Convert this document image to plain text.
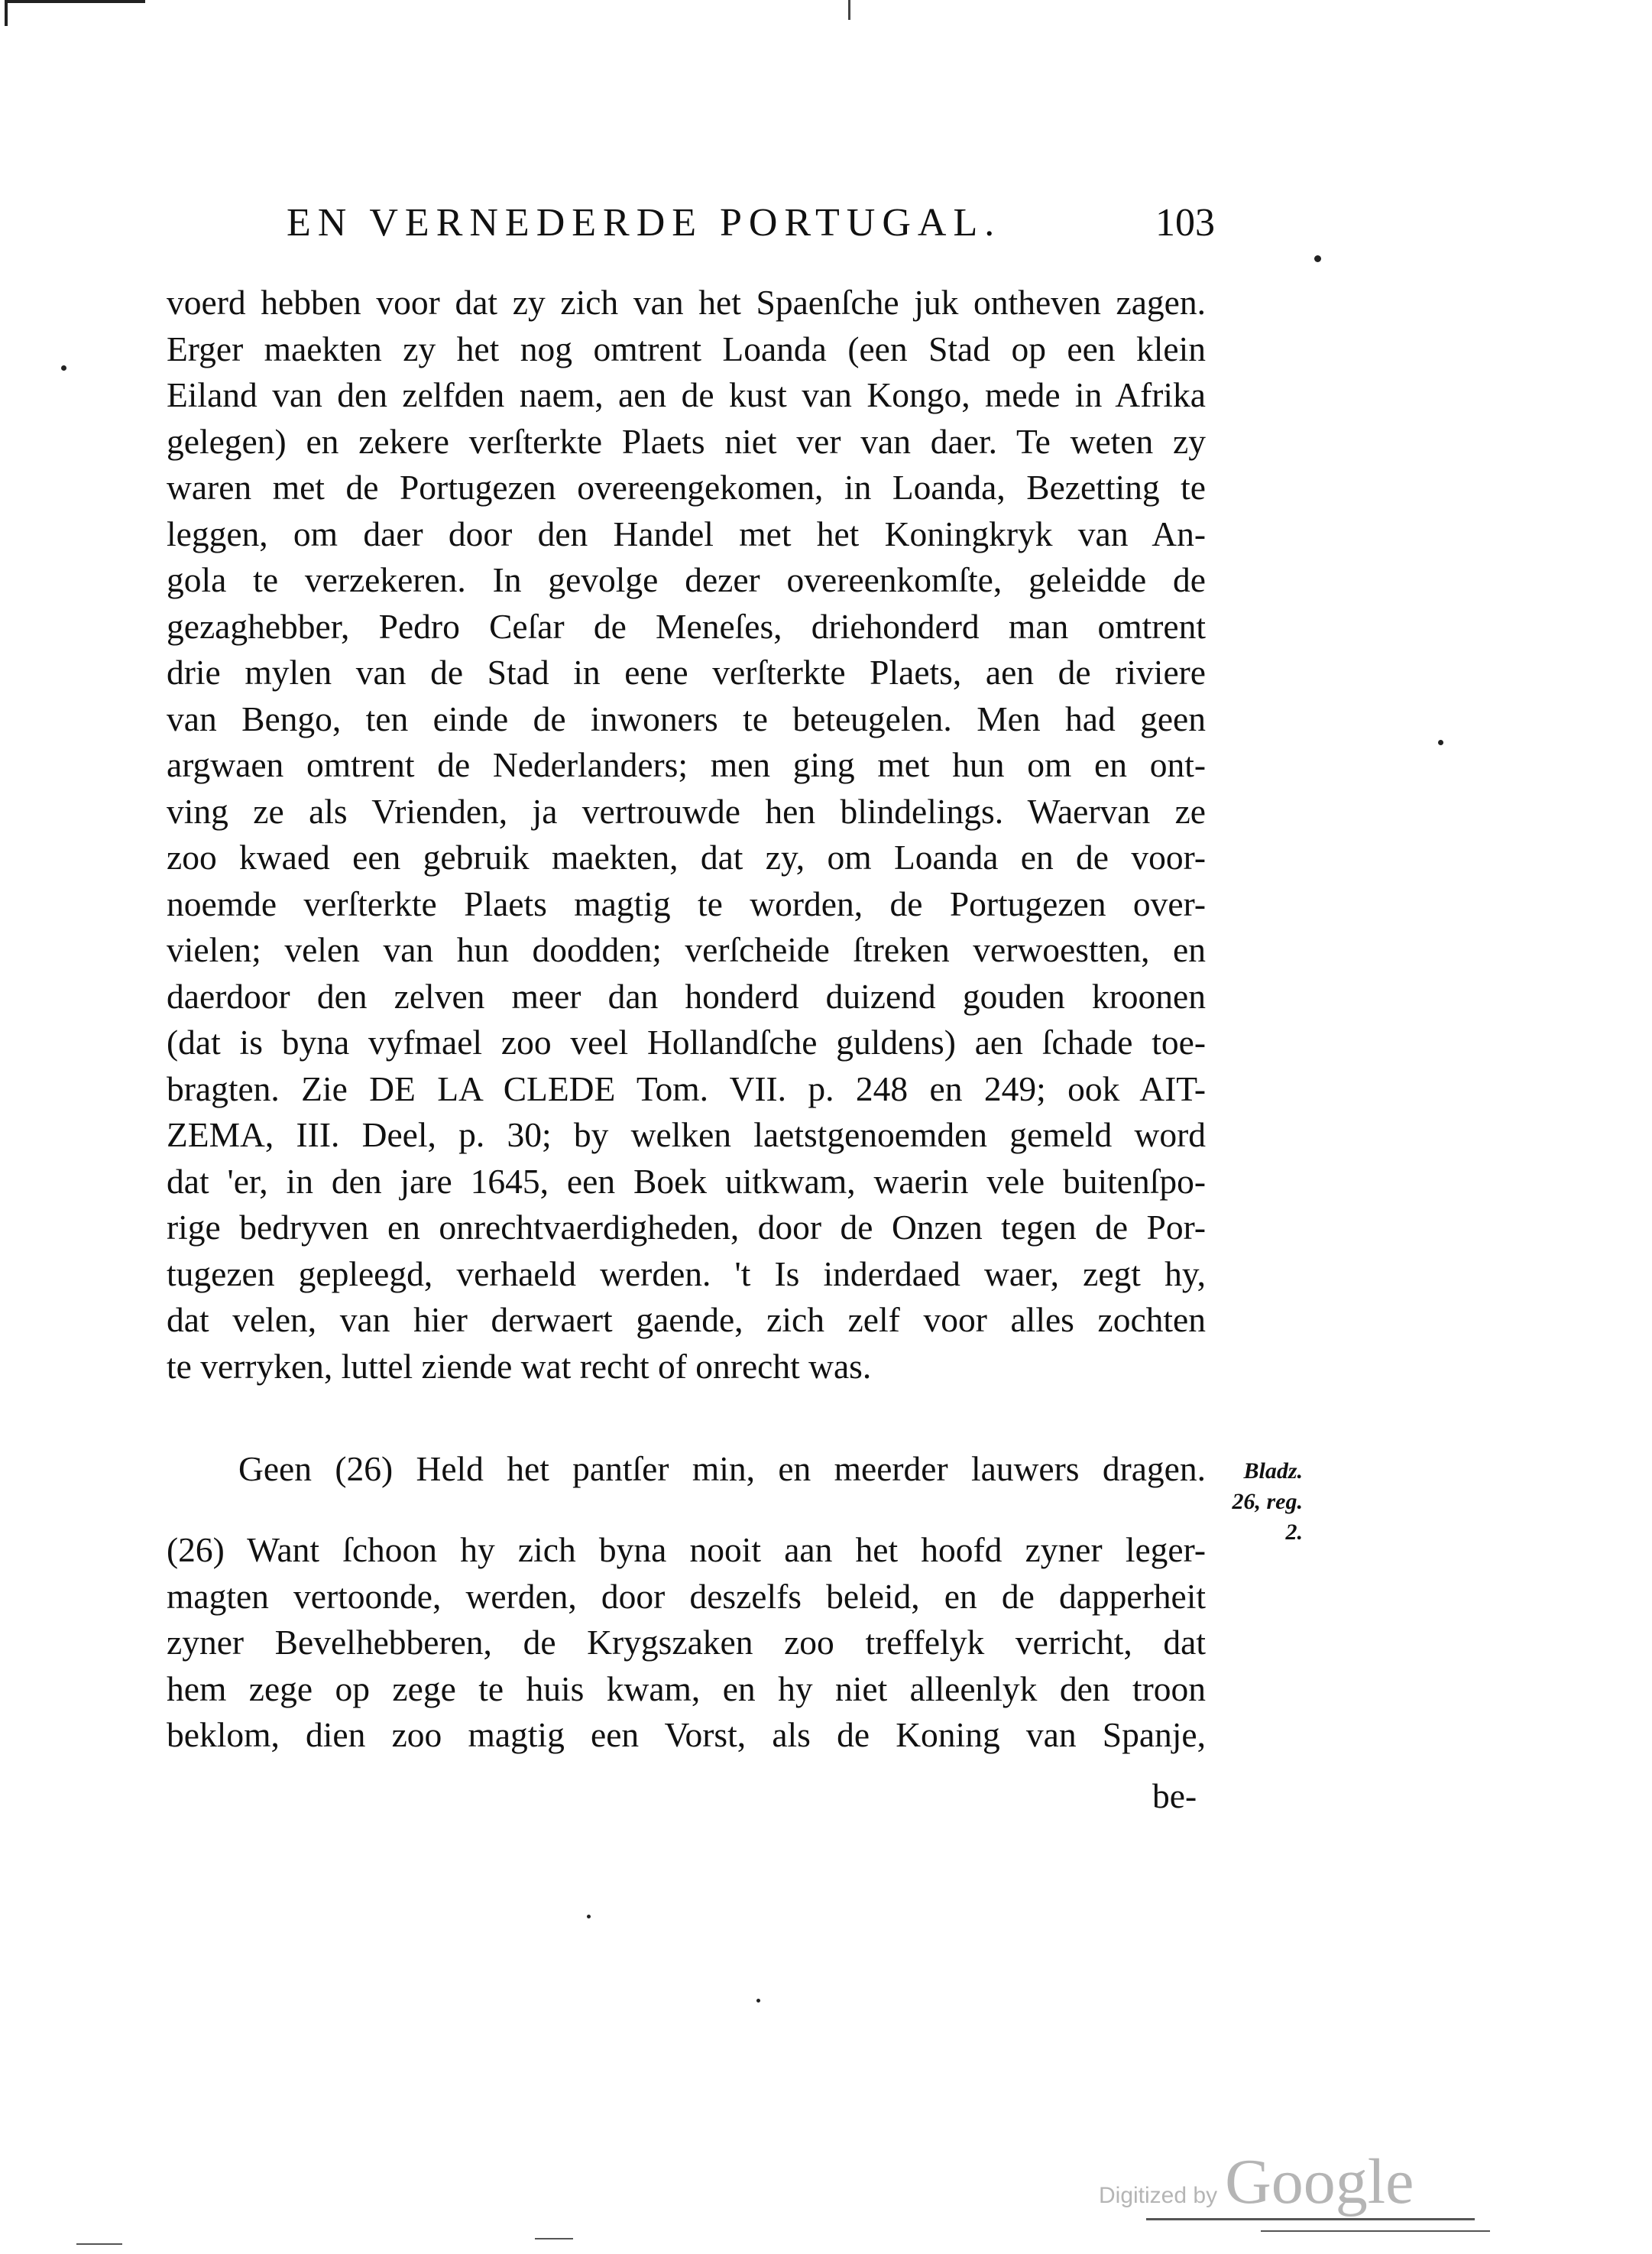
EN VERNEDERDE PORTUGAL.	103
voerd hebben voor dat zy zich van het Spaenſche juk ontheven zagen.
Erger maekten zy het nog omtrent Loanda (een Stad op een klein
Eiland van den zelfden naem, aen de kust van Kongo, mede in Afrika
gelegen) en zekere verſterkte Plaets niet ver van daer. Te weten zy
waren met de Portugezen overeengekomen, in Loanda, Bezetting te
leggen, om daer door den Handel met het Koningkryk van An-
gola te verzekeren. In gevolge dezer overeenkomſte, geleidde de
gezaghebber, Pedro Ceſar de Meneſes, driehonderd man omtrent
drie mylen van de Stad in eene verſterkte Plaets, aen de riviere
van Bengo, ten einde de inwoners te beteugelen. Men had geen
argwaen omtrent de Nederlanders; men ging met hun om en ont-
ving ze als Vrienden, ja vertrouwde hen blindelings. Waervan ze
zoo kwaed een gebruik maekten, dat zy, om Loanda en de voor-
noemde verſterkte Plaets magtig te worden, de Portugezen over-
vielen; velen van hun doodden; verſcheide ſtreken verwoestten, en
daerdoor den zelven meer dan honderd duizend gouden kroonen
(dat is byna vyfmael zoo veel Hollandſche guldens) aen ſchade toe-
bragten. Zie DE LA CLEDE Tom. VII. p. 248 en 249; ook AIT-
ZEMA, III. Deel, p. 30; by welken laetstgenoemden gemeld word
dat 'er, in den jare 1645, een Boek uitkwam, waerin vele buitenſpo-
rige bedryven en onrechtvaerdigheden, door de Onzen tegen de Por-
tugezen gepleegd, verhaeld werden. 't Is inderdaed waer, zegt hy,
dat velen, van hier derwaert gaende, zich zelf voor alles zochten
te verryken, luttel ziende wat recht of onrecht was.
Geen (26) Held het pantſer min, en meerder lauwers dragen.	Bladz.
26, reg.
2.
(26) Want ſchoon hy zich byna nooit aan het hoofd zyner leger-
magten vertoonde, werden, door deszelfs beleid, en de dapperheit
zyner Bevelhebberen, de Krygszaken zoo treffelyk verricht, dat
hem zege op zege te huis kwam, en hy niet alleenlyk den troon
beklom, dien zoo magtig een Vorst, als de Koning van Spanje,
be-
Digitized by Google
